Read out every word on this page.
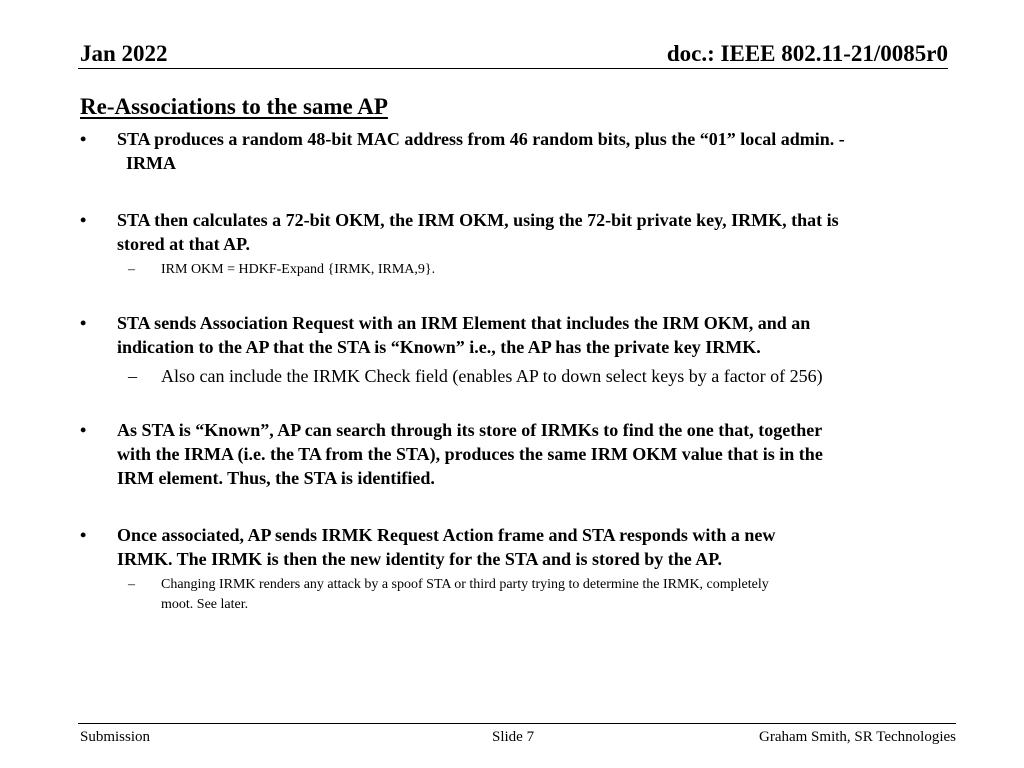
Jan 2022	doc.: IEEE 802.11-21/0085r0
Re-Associations to the same AP
•	STA produces a random 48-bit MAC address from 46 random bits, plus the “01” local admin. -
IRMA
•	STA then calculates a 72-bit OKM, the IRM OKM, using the 72-bit private key, IRMK, that is
stored at that AP.
– IRM OKM = HDKF-Expand {IRMK, IRMA,9}.
•	STA sends Association Request with an IRM Element that includes the IRM OKM, and an
indication to the AP that the STA is “Known” i.e., the AP has the private key IRMK.
– Also can include the IRMK Check field (enables AP to down select keys by a factor of 256)
•	As STA is “Known”, AP can search through its store of IRMKs to find the one that, together
with the IRMA (i.e. the TA from the STA), produces the same IRM OKM value that is in the
IRM element. Thus, the STA is identified.
•	Once associated, AP sends IRMK Request Action frame and STA responds with a new
IRMK. The IRMK is then the new identity for the STA and is stored by the AP.
– Changing IRMK renders any attack by a spoof STA or third party trying to determine the IRMK, completely
moot. See later.
Submission	Slide 7	Graham Smith, SR Technologies
